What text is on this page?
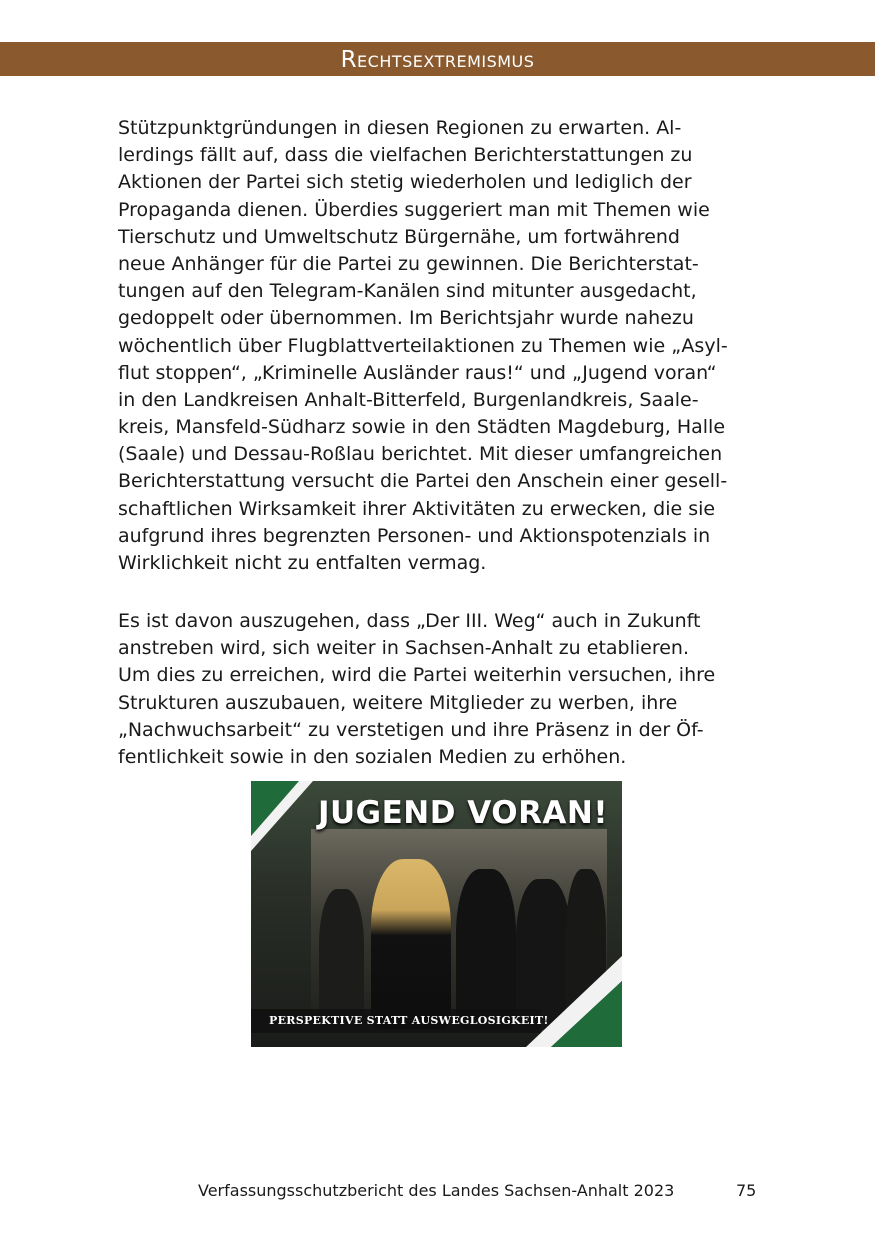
Rechtsextremismus
Stützpunktgründungen in diesen Regionen zu erwarten. Al-
lerdings fällt auf, dass die vielfachen Berichterstattungen zu
Aktionen der Partei sich stetig wiederholen und lediglich der
Propaganda dienen. Überdies suggeriert man mit Themen wie
Tierschutz und Umweltschutz Bürgernähe, um fortwährend
neue Anhänger für die Partei zu gewinnen. Die Berichterstat-
tungen auf den Telegram-Kanälen sind mitunter ausgedacht,
gedoppelt oder übernommen. Im Berichtsjahr wurde nahezu
wöchentlich über Flugblattverteilaktionen zu Themen wie „Asyl-
flut stoppen“, „Kriminelle Ausländer raus!“ und „Jugend voran“
in den Landkreisen Anhalt-Bitterfeld, Burgenlandkreis, Saale-
kreis, Mansfeld-Südharz sowie in den Städten Magdeburg, Halle
(Saale) und Dessau-Roßlau berichtet. Mit dieser umfangreichen
Berichterstattung versucht die Partei den Anschein einer gesell-
schaftlichen Wirksamkeit ihrer Aktivitäten zu erwecken, die sie
aufgrund ihres begrenzten Personen- und Aktionspotenzials in
Wirklichkeit nicht zu entfalten vermag.
Es ist davon auszugehen, dass „Der III. Weg“ auch in Zukunft
anstreben wird, sich weiter in Sachsen-Anhalt zu etablieren.
Um dies zu erreichen, wird die Partei weiterhin versuchen, ihre
Strukturen auszubauen, weitere Mitglieder zu werben, ihre
„Nachwuchsarbeit“ zu verstetigen und ihre Präsenz in der Öf-
fentlichkeit sowie in den sozialen Medien zu erhöhen.
JUGEND VORAN!
PERSPEKTIVE STATT AUSWEGLOSIGKEIT!
Verfassungsschutzbericht des Landes Sachsen-Anhalt 2023	75
